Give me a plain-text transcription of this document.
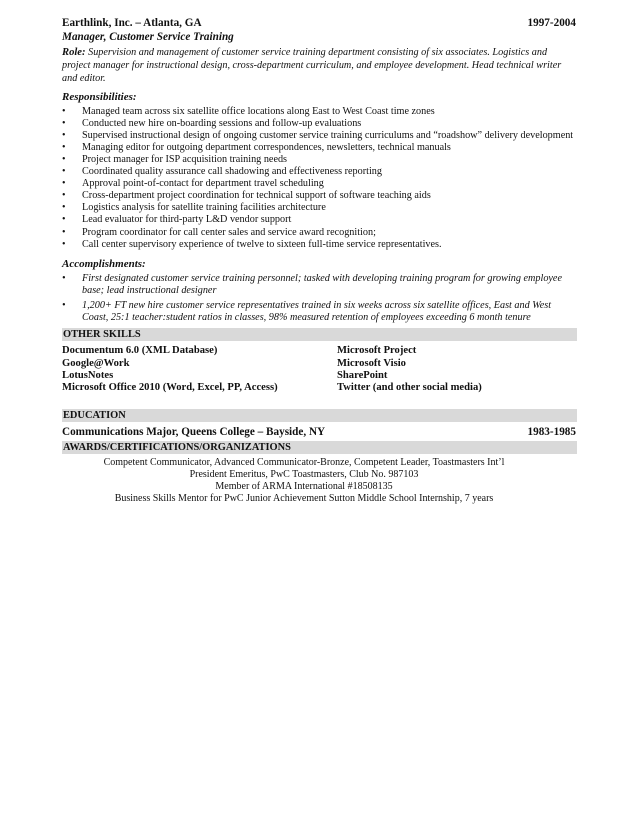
Earthlink, Inc. – Atlanta, GA	1997-2004
Manager, Customer Service Training
Role: Supervision and management of customer service training department consisting of six associates. Logistics and project manager for instructional design, cross-department curriculum, and employee development. Head technical writer and editor.
Responsibilities:
• Managed team across six satellite office locations along East to West Coast time zones
• Conducted new hire on-boarding sessions and follow-up evaluations
• Supervised instructional design of ongoing customer service training curriculums and “roadshow” delivery development
• Managing editor for outgoing department correspondences, newsletters, technical manuals
• Project manager for ISP acquisition training needs
• Coordinated quality assurance call shadowing and effectiveness reporting
• Approval point-of-contact for department travel scheduling
• Cross-department project coordination for technical support of software teaching aids
• Logistics analysis for satellite training facilities architecture
• Lead evaluator for third-party L&D vendor support
• Program coordinator for call center sales and service award recognition;
• Call center supervisory experience of twelve to sixteen full-time service representatives.
Accomplishments:
• First designated customer service training personnel; tasked with developing training program for growing employee base; lead instructional designer
• 1,200+ FT new hire customer service representatives trained in six weeks across six satellite offices, East and West Coast, 25:1 teacher:student ratios in classes, 98% measured retention of employees exceeding 6 month tenure
OTHER SKILLS
Documentum 6.0 (XML Database)
Google@Work
LotusNotes
Microsoft Office 2010 (Word, Excel, PP, Access)
Microsoft Project
Microsoft Visio
SharePoint
Twitter (and other social media)
EDUCATION
Communications Major, Queens College – Bayside, NY	1983-1985
AWARDS/CERTIFICATIONS/ORGANIZATIONS
Competent Communicator, Advanced Communicator-Bronze, Competent Leader, Toastmasters Int’l
President Emeritus, PwC Toastmasters, Club No. 987103
Member of ARMA International #18508135
Business Skills Mentor for PwC Junior Achievement Sutton Middle School Internship, 7 years
